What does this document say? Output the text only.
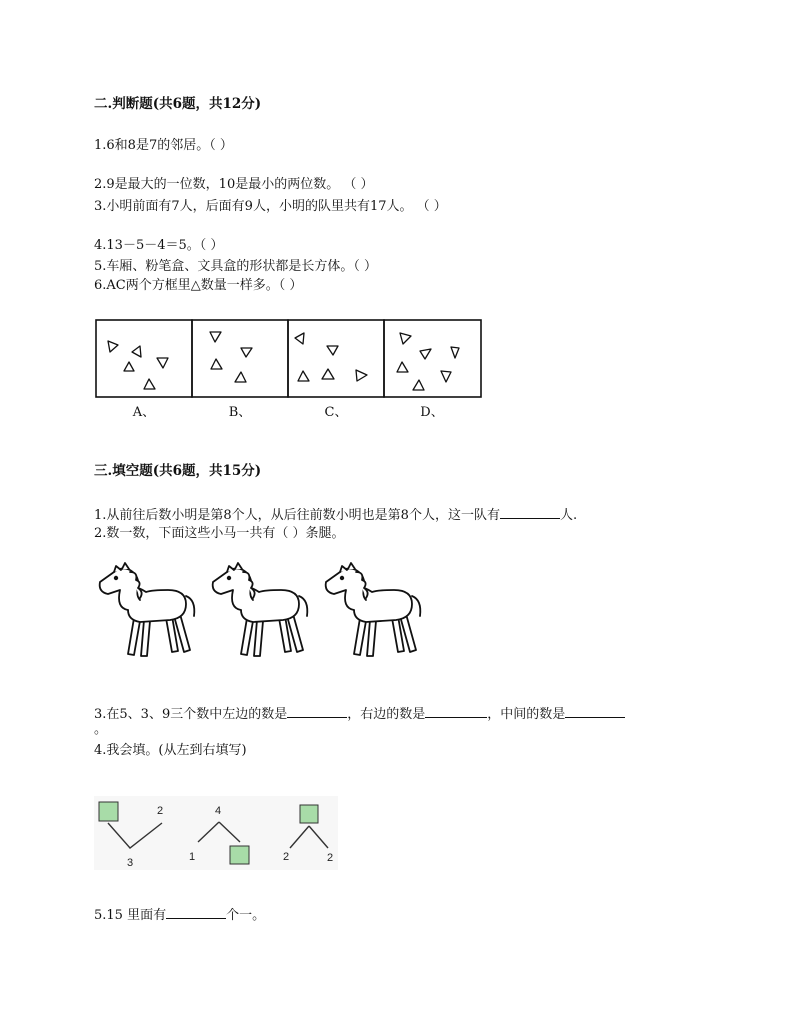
二.判断题(共6题，共12分)
1.6和8是7的邻居。（ ）
2.9是最大的一位数，10是最小的两位数。 （ ）
3.小明前面有7人，后面有9人，小明的队里共有17人。 （ ）
4.13－5－4＝5。（ ）
5.车厢、粉笔盒、文具盒的形状都是长方体。（ ）
6.AC两个方框里△数量一样多。（ ）
A、	B、	C、	D、
三.填空题(共6题，共15分)
1.从前往后数小明是第8个人，从后往前数小明也是第8个人，这一队有	人.
2.数一数，下面这些小马一共有（ ）条腿。
3.在5、3、9三个数中左边的数是	，右边的数是	，中间的数是
。
4.我会填。(从左到右填写)
2
3
4
1	2	2
5.15 里面有	个一。
